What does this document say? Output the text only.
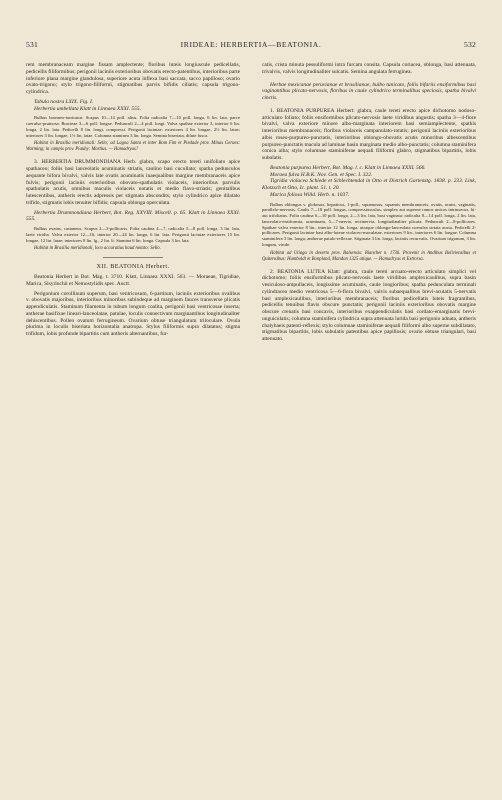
531	IRIDEAE: HERBERTIA—BEATONIA.	532

rem membranaceam margine fissam amplectente; floribus luteis longiuscule pedicellatis, pedicellis filiformibus; perigonii laciniis exterioribus obovatis erecto-patentibus, interioribus parte inferiore plana margine glandulosa, superiore acuta inflexa basi saccata, sacco papilloso; ovario ovato-trigono; stylo trigono-filiformi, stigmatibus parvis bifidis ciliatis; capsula trigono-cylindrica.

Tabula nostra LXIX. Fig. I.

Herbertia umbellata Klatt in Linnaea XXXI. 555.

Bulbus brunneo-tunicatus. Scapus 10—14 poll. altus. Folia radicalia 7—10 poll. longa, 6 lin. lata, parce caerulso-pruinosa. Bracteae 3—6 poll. longae. Pedunculi 2—4 poll. longi. Valva spathae exterior 3, interior 6 lin. longa, 2 lin. lata. Pedicelli 8 lin. longi, compressi. Perigonii laciniae: exteriores 4 lin. longae, 2½ lin. latae; interiores 3 lin. longae, 1½ lin. latae. Columna staminea 3 lin. longa. Semina biseriata, dilute fusca.

Habitat in Brasilia meridionali: Sello; ad Lagoa Santa et inter Bom Fim et Piedade prov. Minas Geraes: Warming; in campis prov. Piauhy: Martius. — Hamadryas?

3. HERBERTIA DRUMMONDIANA Herb. glabra, scapo erecto tereti unifoliato apice spathaceo; foliis basi lanceolatis acuminatis striatis, caulino basi cucullato; spatha pedunculos aequante bifora bivalvi, valvis late ovatis acuminatis inaequalibus margine membranaceis apice fulvis; perigonii laciniis exterioribus obovato-spathulatis violaceis, interioribus parvulis spathulatis acutis, omnibus maculis violaceis notatis et medio flavo-striatis; genitalibus lutescentibus, antheris erectis adpressis per stigmata abscondits; stylo cylindrico apice dilatato trifido, stigmatis lobis tenuiter bifidis; capsula oblonga operculata.

Herbertia Drummondiana Herbert, Bot. Reg. XXVIII. Miscell. p. 65. Klatt in Linnaea XXXI. 555.

Bulbus ovatus, castaneus. Scapus 2—3-pollicaris. Folia caulina 4—7, radicalia 5—8 poll. longa, 3 lin. lata, laete viridia. Valva exterior 12—16, interior 20—24 lin. longa, 6 lin. lata. Perigonii laciniae exteriores 15 lin. longae, 12 lin. latae; interiores 8 lin. lg., 2 lin. lt. Stamina 6 lin. longa. Capsula 3 lin. lata.

Habitat in Brasilia meridionali, loco accuratius haud notato: Sello.

XII. BEATONIA Herbert.

Beatonia Herbert in Bot. Mag. t. 3710. Klatt, Linnaea XXXI. 563. — Moraeae, Tigridiae, Marica, Sisyrinchii et Nemostylidis spec. Auctt.

Perigonium corollinum superum, basi ventricosum, 6-partitum, laciniis exterioribus ovalibus v. obovatis majoribus, interioribus minoribus subindeque ad marginem fauces transverse plicatis appendiculatis. Staminum filamenta in tubum longum coalita, perigonii basi ventricosae inserta; antherae basifixae lineari-lanceolatae, patulae, loculis connectivum marginantibus longitudinaliter dehiscentibus. Pollen ovatum ferrugineum. Ovarium obtuse triangulatum triloculare. Ovula plurima in loculis biseriata horizontalia anatropa. Stylus filiformis supra dilatatus; stigma trifidum, lobis profunde bipartitis cum antheris alternantibus, fur-

catis, crista minuta pessuliformi intra furcam consita. Capsula coriacea, oblonga, basi attenuata, trivalvis, valvis longitudinaliter sulcatis. Semina angulata ferruginea.

Herbae mexicanae peruvianae et brasilianae, bulbo tunicato, foliis bifariis ensiformibus basi vaginantibus plicato-nervosis, floribus in caule cylindrico terminalibus speciosis, spatha bivalvi cinctis.

1. BEATONIA PURPUREA Herbert: glabra, caule tereti erecto apice dichotomo nodoso-articulato foliato; foliis ensiformibus plicato-nervosis laete viridibus angustis; spatha 3—4-flore bivalvi, valva exteriore minore albo-marginata interiorem basi semiamplectente, spathis interioribus membranaceis; floribus violaceis campanulato-rotatis; perigonii laciniis exterioribus albis roseo-purpureo-punctatis, interioribus oblongo-obovatis acutis minoribus albescentibus purpureo-punctatis macula ad laminae basin marginata medio albo-punctatis; columna staminifera conica alba; stylo columnae staminiferae aequali filiformi glabro, stigmatibus bipartitis, lobis subulatis.

Beatonia purpurea Herbert, Bot. Mag. l. c. Klatt in Linnaea XXXI. 566.

Moraea fulva H.B.K. Nov. Gen. et Spec. I. 322.

Tigridia violacea Schiede et Schlechtendal in Otto et Dietrich Gartenztg. 1838. p. 233. Link, Klotzsch et Otto, Ic. plant. 51. t. 20.

Marica foliosa Willd. Herb. n. 1037.

Bulbus oblongus v. globosus, hepaticus, 1-poll., squamosus, squamis membranaceis, ovatis, acutis, vaginatis, parallelo-nervosis. Caulis 7—18 poll. longus, compressiusculus, simplex aut superne ramos unicos intrinsecus, bi- aut trifoliatus. Folia caulina 6—10 poll. longa, 2—3 lin. lata, basi vaginata: radicalia 8—14 poll. longa, 2 lin. lata, lanceolato-ensiformia, acuminata, 5—7-nervia, rectinervia, longitudinaliter plicata. Pedunculi 2—8-pollicares. Spathae valva exterior 8 lin., interior 12 lin. longa, utraque oblongo-lanceolata coerulea striata acuta. Pedicelli 2-pollicares. Perigonii laciniae basi albo-luteae violaceo-maculatae, exteriores 9 lin., interiores 6 lin. longae. Columna staminifera 3 lin. longa; antherae patulo-reflexae. Stigmata 3 lin. longa, laciniis recurvatis. Ovarium trigonum, 3 lin. longum, viride.

Habitat ad Utiaga in deserto prov. Balsensis: Bianchet n. 1736. Provenit in Andibus Boliviensibus et Quitensibus: Humboldt et Bonpland, Mandon 1325 atique. — Hamadryas et Extrorsa.

2. BEATONIA LUTEA Klatt: glabra, caule tereti arcuato-erecto articulato simplici vel dichotomo; foliis ensiformibus plicato-nervosis laete viridibus amplexicaulibus, supra basin vesiculoso-ampullaceis, longissime acuminatis, caule longioribus; spatha pedunculata terminali cylindracea medio ventricosa 5—6-flora bivalvi, valvis subaequalibus brevi-acutatis 5-nervatis basi amplexicaulibus, interioribus membranaceis; floribus pedicellatis luteis fragrantibus, pedicellis tenuibus flavis obscure punctatis; perigonii laciniis exterioribus obovatis margine obscure crenatis basi concavis, interioribus exappendiculatis basi cordato-emarginatis brevi-unguiculatis; columna staminifera cylindrica supra attenuata lurida basi perigonio adnata, antheris chalybaeis patenti-reflexis; stylo columnae staminiferae aequali filiformi albo superne subdilatato, stigmatibus bipartitis, lobis subulatis patentibus apice papillosis; ovario obtuse triangulari, basi attenuato.
